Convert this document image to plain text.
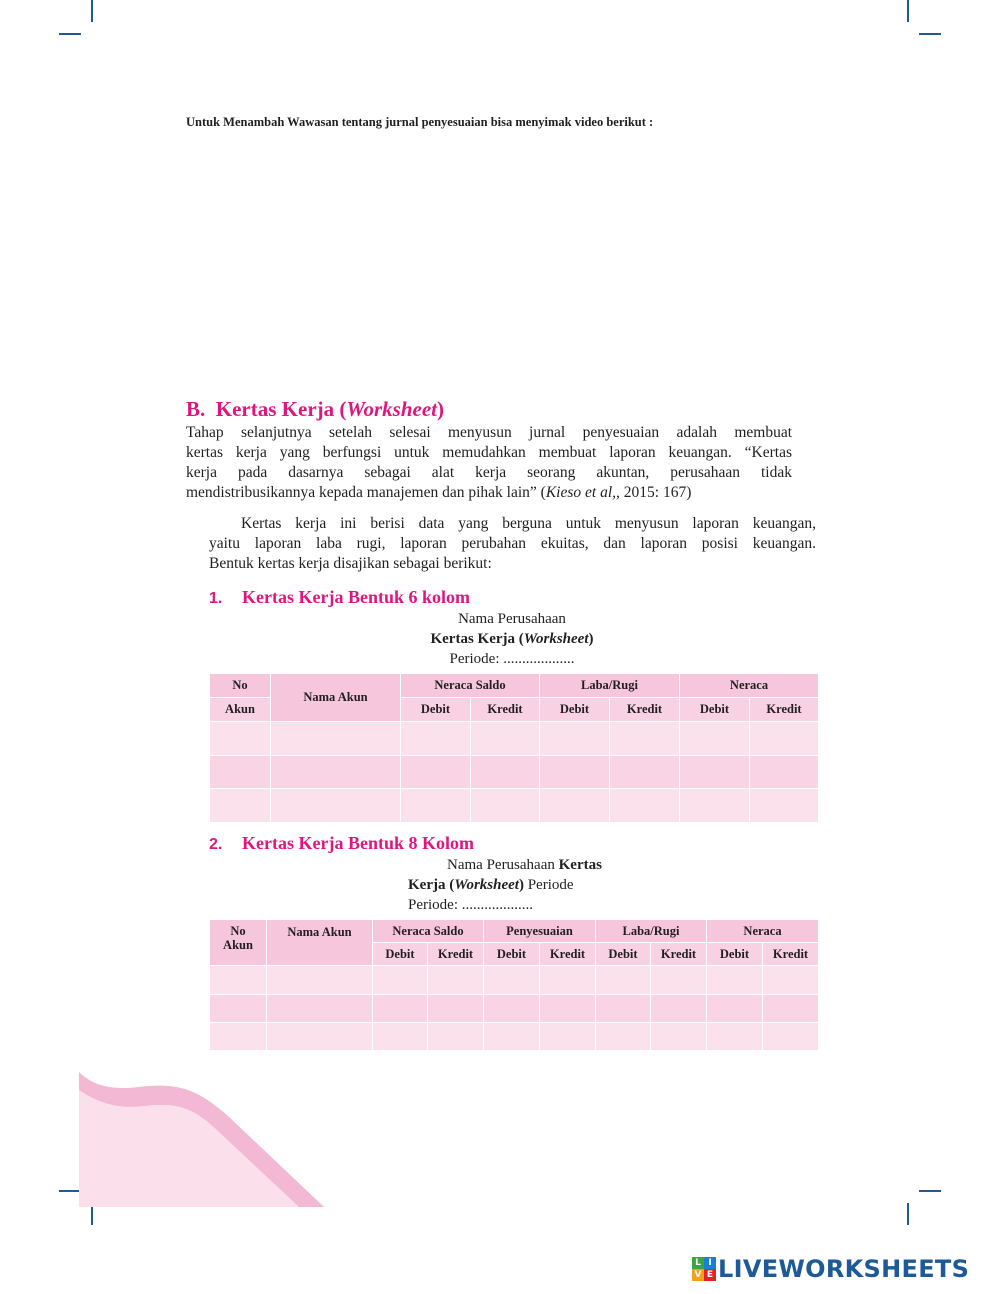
Untuk Menambah Wawasan tentang jurnal penyesuaian bisa menyimak video berikut :
B. Kertas Kerja (Worksheet)
Tahap selanjutnya setelah selesai menyusun jurnal penyesuaian adalah membuat
kertas kerja yang berfungsi untuk memudahkan membuat laporan keuangan. “Kertas
kerja pada dasarnya sebagai alat kerja seorang akuntan, perusahaan tidak
mendistribusikannya kepada manajemen dan pihak lain” (Kieso et al,, 2015: 167)
Kertas kerja ini berisi data yang berguna untuk menyusun laporan keuangan,
yaitu laporan laba rugi, laporan perubahan ekuitas, dan laporan posisi keuangan.
Bentuk kertas kerja disajikan sebagai berikut:
1. Kertas Kerja Bentuk 6 kolom
Nama Perusahaan
Kertas Kerja (Worksheet)
Periode: ...................
No	Nama Akun	Neraca Saldo		Laba/Rugi		Neraca	
Akun		Debit	Kredit	Debit	Kredit	Debit	Kredit

2. Kertas Kerja Bentuk 8 Kolom
Nama Perusahaan Kertas
Kerja (Worksheet) Periode
Periode: ...................
No
Akun	Nama Akun	Neraca Saldo		Penyesuaian		Laba/Rugi		Neraca	
		Debit	Kredit	Debit	Kredit	Debit	Kredit	Debit	Kredit

L I
V E LIVEWORKSHEETS
